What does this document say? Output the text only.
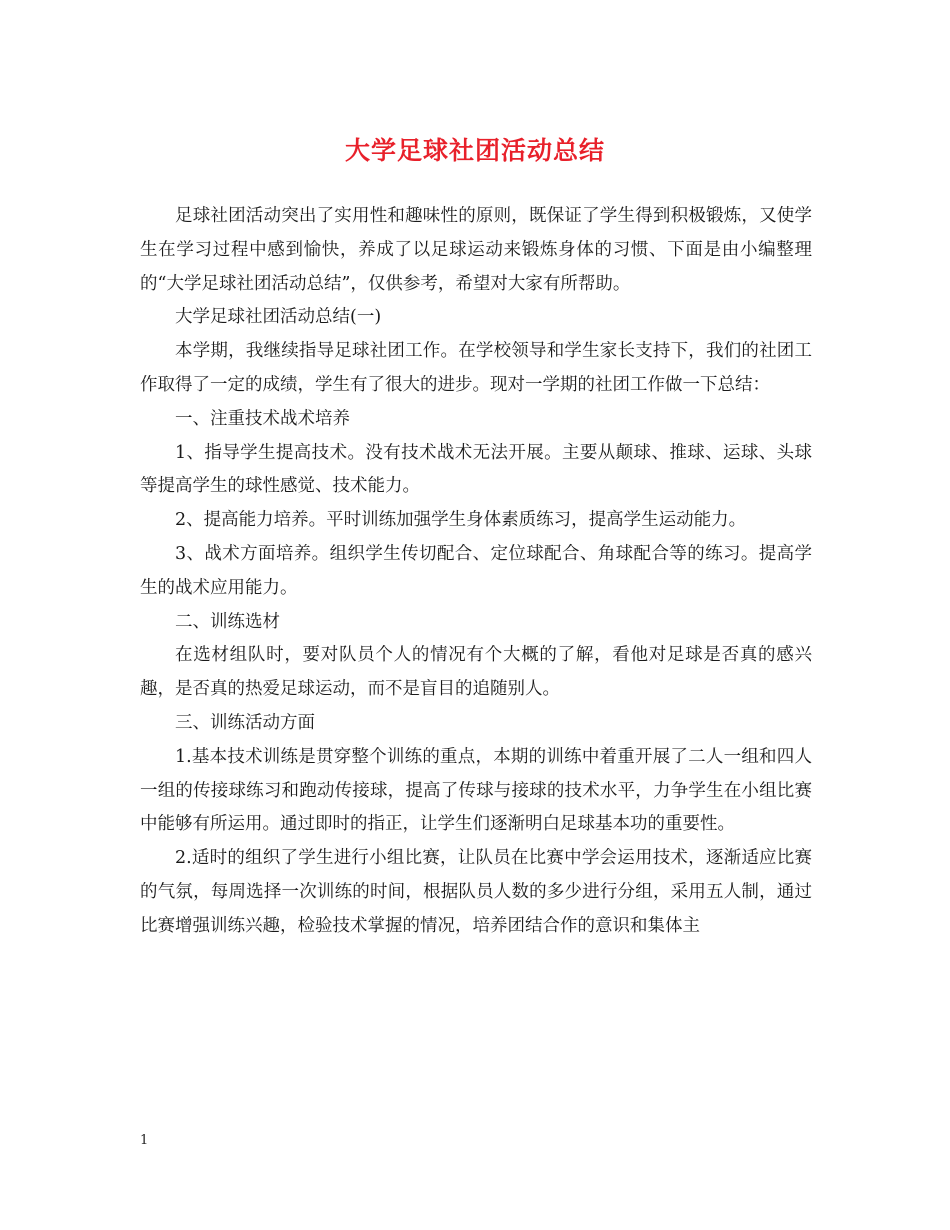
大学足球社团活动总结

足球社团活动突出了实用性和趣味性的原则，既保证了学生得到积极锻炼，又使学生在学习过程中感到愉快，养成了以足球运动来锻炼身体的习惯、下面是由小编整理的“大学足球社团活动总结”，仅供参考，希望对大家有所帮助。

大学足球社团活动总结(一)

本学期，我继续指导足球社团工作。在学校领导和学生家长支持下，我们的社团工作取得了一定的成绩，学生有了很大的进步。现对一学期的社团工作做一下总结：

一、注重技术战术培养

1、指导学生提高技术。没有技术战术无法开展。主要从颠球、推球、运球、头球等提高学生的球性感觉、技术能力。

2、提高能力培养。平时训练加强学生身体素质练习，提高学生运动能力。

3、战术方面培养。组织学生传切配合、定位球配合、角球配合等的练习。提高学生的战术应用能力。

二、训练选材

在选材组队时，要对队员个人的情况有个大概的了解，看他对足球是否真的感兴趣，是否真的热爱足球运动，而不是盲目的追随别人。

三、训练活动方面

1.基本技术训练是贯穿整个训练的重点，本期的训练中着重开展了二人一组和四人一组的传接球练习和跑动传接球，提高了传球与接球的技术水平，力争学生在小组比赛中能够有所运用。通过即时的指正，让学生们逐渐明白足球基本功的重要性。

2.适时的组织了学生进行小组比赛，让队员在比赛中学会运用技术，逐渐适应比赛的气氛，每周选择一次训练的时间，根据队员人数的多少进行分组，采用五人制，通过比赛增强训练兴趣，检验技术掌握的情况，培养团结合作的意识和集体主

1
